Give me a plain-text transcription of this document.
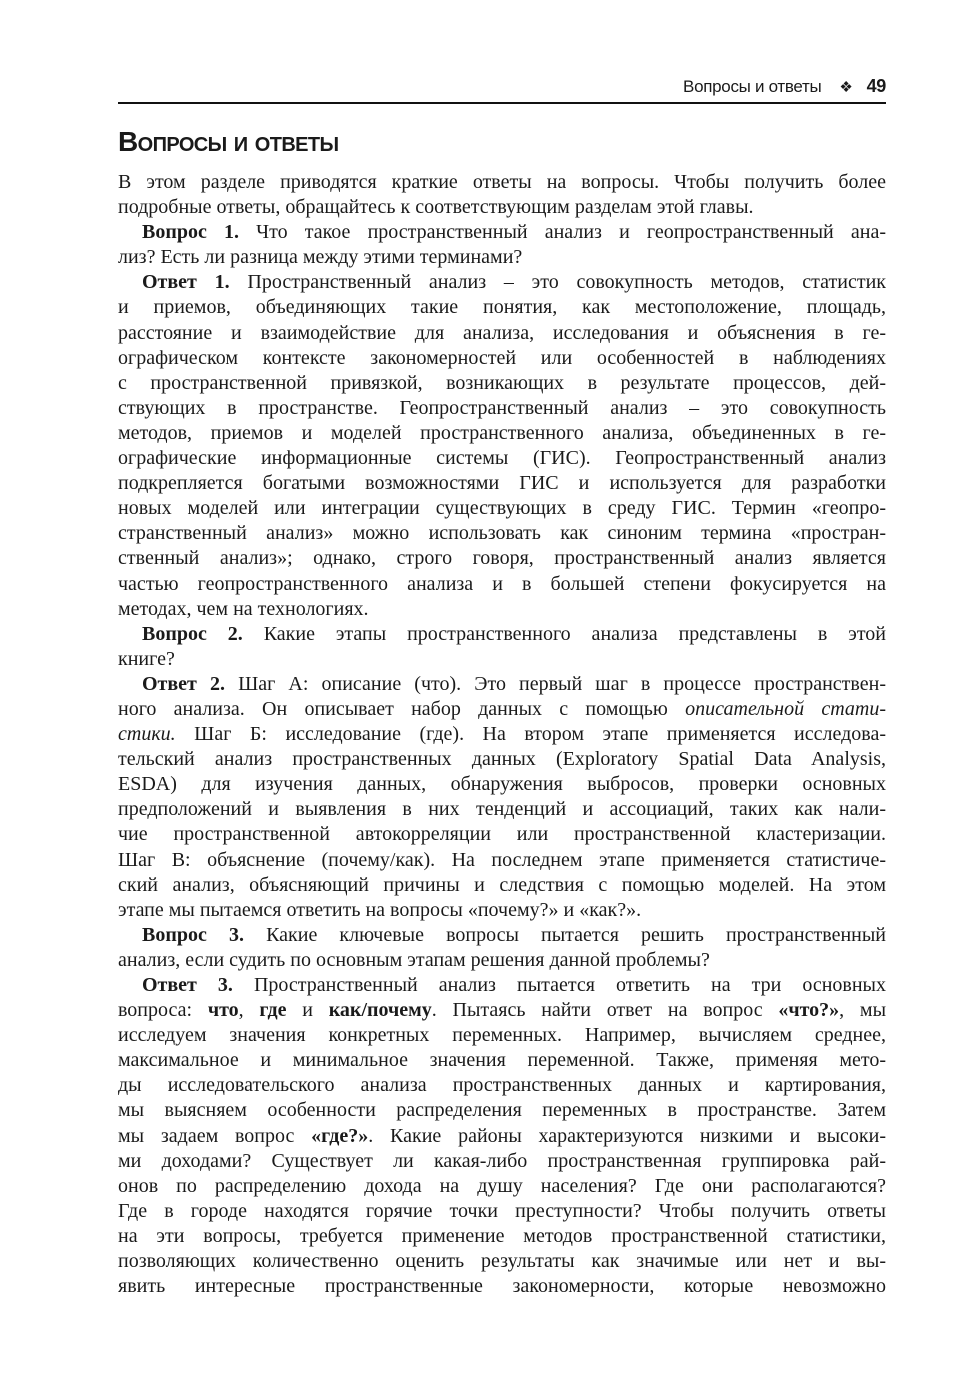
Вопросы и ответы ❖ 49
Вопросы и ответы
В этом разделе приводятся краткие ответы на вопросы. Чтобы получить более
подробные ответы, обращайтесь к соответствующим разделам этой главы.
Вопрос 1. Что такое пространственный анализ и геопространственный ана-
лиз? Есть ли разница между этими терминами?
Ответ 1. Пространственный анализ – это совокупность методов, статистик
и приемов, объединяющих такие понятия, как местоположение, площадь,
расстояние и взаимодействие для анализа, исследования и объяснения в ге-
ографическом контексте закономерностей или особенностей в наблюдениях
с пространственной привязкой, возникающих в результате процессов, дей-
ствующих в пространстве. Геопространственный анализ – это совокупность
методов, приемов и моделей пространственного анализа, объединенных в ге-
ографические информационные системы (ГИС). Геопространственный анализ
подкрепляется богатыми возможностями ГИС и используется для разработки
новых моделей или интеграции существующих в среду ГИС. Термин «геопро-
странственный анализ» можно использовать как синоним термина «простран-
ственный анализ»; однако, строго говоря, пространственный анализ является
частью геопространственного анализа и в большей степени фокусируется на
методах, чем на технологиях.
Вопрос 2. Какие этапы пространственного анализа представлены в этой
книге?
Ответ 2. Шаг А: описание (что). Это первый шаг в процессе пространствен-
ного анализа. Он описывает набор данных с помощью описательной стати-
стики. Шаг Б: исследование (где). На втором этапе применяется исследова-
тельский анализ пространственных данных (Exploratory Spatial Data Analysis,
ESDA) для изучения данных, обнаружения выбросов, проверки основных
предположений и выявления в них тенденций и ассоциаций, таких как нали-
чие пространственной автокорреляции или пространственной кластеризации.
Шаг В: объяснение (почему/как). На последнем этапе применяется статистиче-
ский анализ, объясняющий причины и следствия с помощью моделей. На этом
этапе мы пытаемся ответить на вопросы «почему?» и «как?».
Вопрос 3. Какие ключевые вопросы пытается решить пространственный
анализ, если судить по основным этапам решения данной проблемы?
Ответ 3. Пространственный анализ пытается ответить на три основных
вопроса: что, где и как/почему. Пытаясь найти ответ на вопрос «что?», мы
исследуем значения конкретных переменных. Например, вычисляем среднее,
максимальное и минимальное значения переменной. Также, применяя мето-
ды исследовательского анализа пространственных данных и картирования,
мы выясняем особенности распределения переменных в пространстве. Затем
мы задаем вопрос «где?». Какие районы характеризуются низкими и высоки-
ми доходами? Существует ли какая-либо пространственная группировка рай-
онов по распределению дохода на душу населения? Где они располагаются?
Где в городе находятся горячие точки преступности? Чтобы получить ответы
на эти вопросы, требуется применение методов пространственной статистики,
позволяющих количественно оценить результаты как значимые или нет и вы-
явить интересные пространственные закономерности, которые невозможно
